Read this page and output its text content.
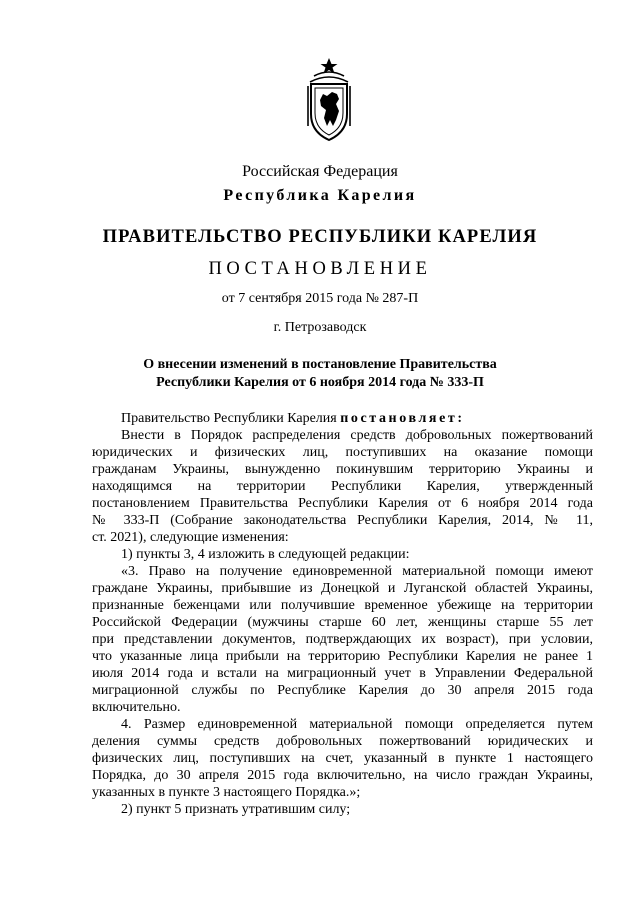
Российская Федерация
Республика Карелия
ПРАВИТЕЛЬСТВО РЕСПУБЛИКИ КАРЕЛИЯ
ПОСТАНОВЛЕНИЕ
от 7 сентября 2015 года № 287-П
г. Петрозаводск
О внесении изменений в постановление Правительства
Республики Карелия от 6 ноября 2014 года № 333-П
Правительство Республики Карелия постановляет:
Внести в Порядок распределения средств добровольных пожертвований
юридических и физических лиц, поступивших на оказание помощи
гражданам Украины, вынужденно покинувшим территорию Украины и
находящимся на территории Республики Карелия, утвержденный
постановлением Правительства Республики Карелия от 6 ноября 2014 года
№ 333-П (Собрание законодательства Республики Карелия, 2014, № 11,
ст. 2021), следующие изменения:
1) пункты 3, 4 изложить в следующей редакции:
«3. Право на получение единовременной материальной помощи имеют
граждане Украины, прибывшие из Донецкой и Луганской областей Украины,
признанные беженцами или получившие временное убежище на территории
Российской Федерации (мужчины старше 60 лет, женщины старше 55 лет
при представлении документов, подтверждающих их возраст), при условии,
что указанные лица прибыли на территорию Республики Карелия не ранее 1
июля 2014 года и встали на миграционный учет в Управлении Федеральной
миграционной службы по Республике Карелия до 30 апреля 2015 года
включительно.
4. Размер единовременной материальной помощи определяется путем
деления суммы средств добровольных пожертвований юридических и
физических лиц, поступивших на счет, указанный в пункте 1 настоящего
Порядка, до 30 апреля 2015 года включительно, на число граждан Украины,
указанных в пункте 3 настоящего Порядка.»;
2) пункт 5 признать утратившим силу;
